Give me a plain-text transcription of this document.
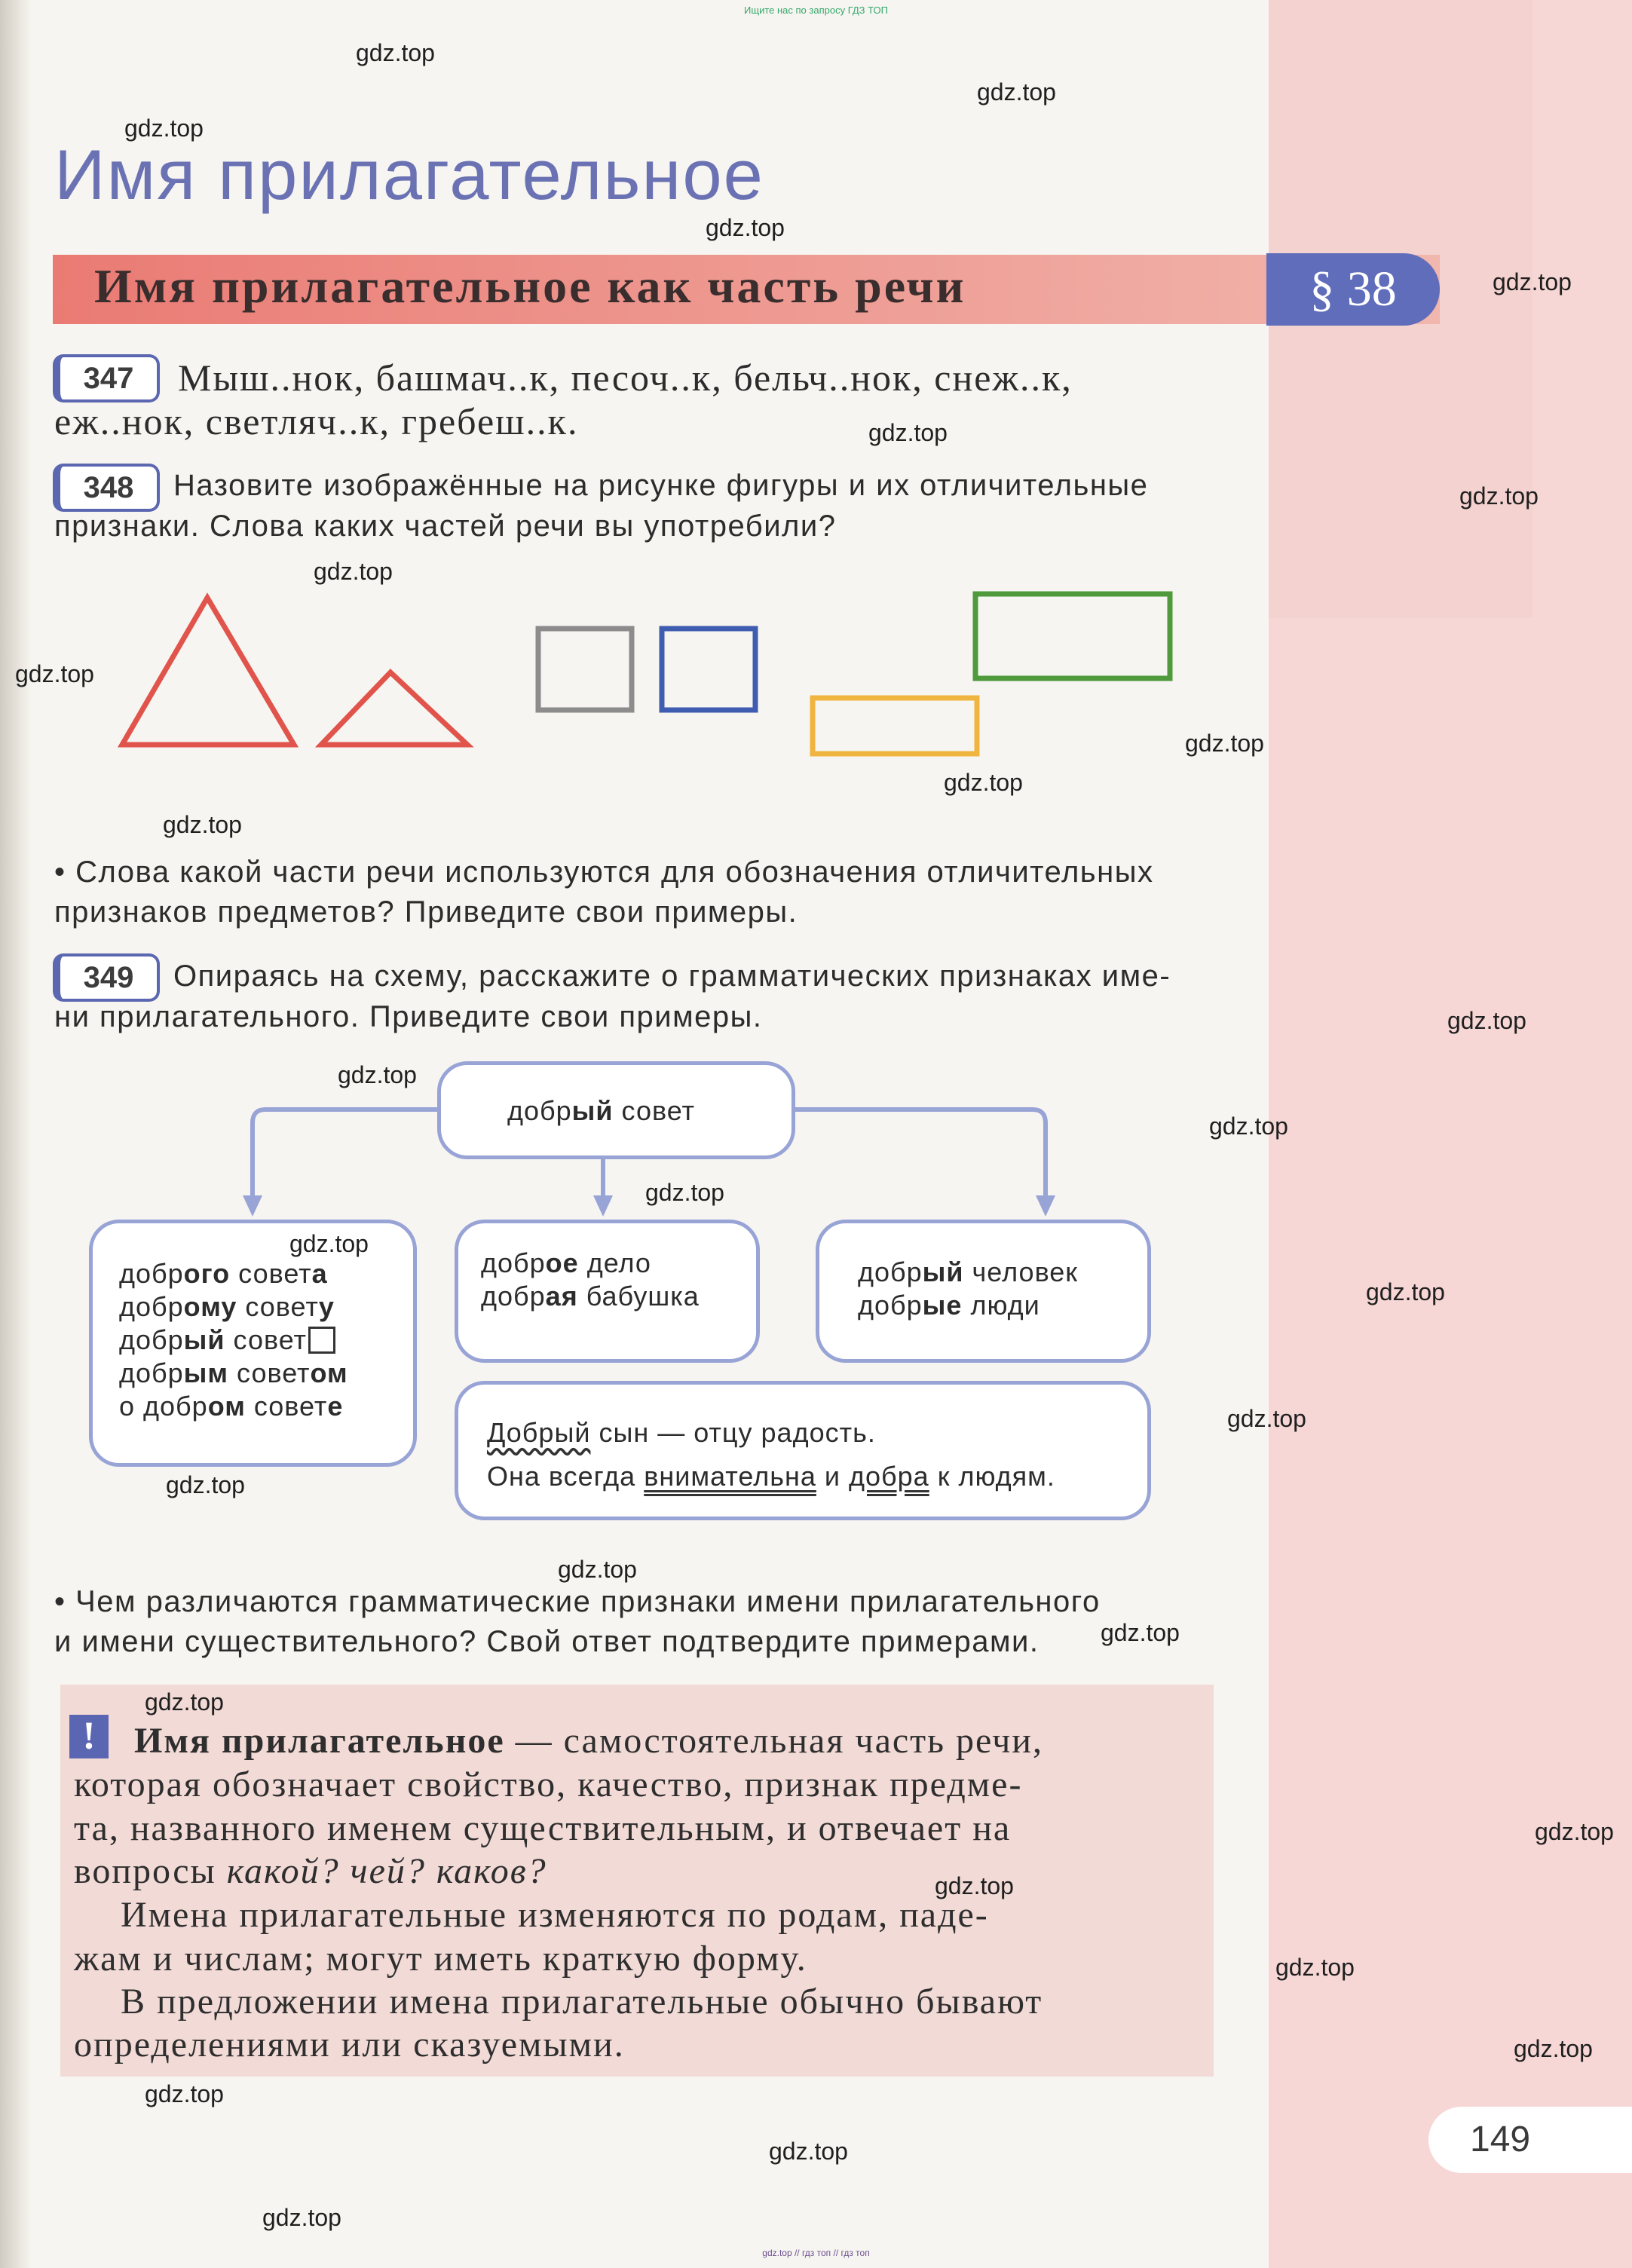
Ищите нас по запросу ГДЗ ТОП
gdz.top // гдз топ // гдз топ
Имя прилагательное
Имя прилагательное как часть речи	§ 38
347	Мыш..нок, башмач..к, песоч..к, бельч..нок, снеж..к,
еж..нок, светляч..к, гребеш..к.
348	Назовите изображённые на рисунке фигуры и их отличительные
признаки. Слова каких частей речи вы употребили?
• Слова какой части речи используются для обозначения отличительных
признаков предметов? Приведите свои примеры.
349	Опираясь на схему, расскажите о грамматических признаках име-
ни прилагательного. Приведите свои примеры.
добрый совет
доброго совета
доброму совету
добрый совет
добрым советом
о добром совете
доброе дело
добрая бабушка
добрый человек
добрые люди
Добрый сын — отцу радость.
Она всегда внимательна и добра к людям.
• Чем различаются грамматические признаки имени прилагательного
и имени существительного? Свой ответ подтвердите примерами.
!	Имя прилагательное — самостоятельная часть речи,
которая обозначает свойство, качество, признак предме-
та, названного именем существительным, и отвечает на
вопросы какой? чей? каков?
Имена прилагательные изменяются по родам, паде-
жам и числам; могут иметь краткую форму.
В предложении имена прилагательные обычно бывают
определениями или сказуемыми.
149
gdz.top
gdz.top
gdz.top
gdz.top
gdz.top
gdz.top
gdz.top
gdz.top
gdz.top
gdz.top
gdz.top
gdz.top
gdz.top
gdz.top
gdz.top
gdz.top
gdz.top
gdz.top
gdz.top
gdz.top
gdz.top
gdz.top
gdz.top
gdz.top
gdz.top
gdz.top
gdz.top
gdz.top
gdz.top
gdz.top
